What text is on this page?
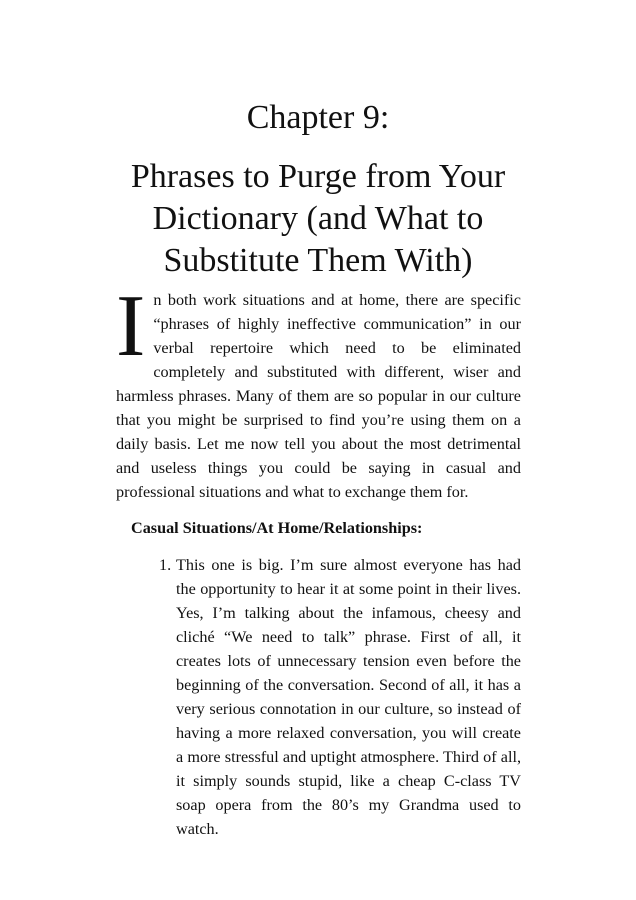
Chapter 9:
Phrases to Purge from Your
Dictionary (and What to
Substitute Them With)

In both work situations and at home, there are specific “phrases of highly ineffective communication” in our verbal repertoire which need to be eliminated completely and substituted with different, wiser and harmless phrases. Many of them are so popular in our culture that you might be surprised to find you’re using them on a daily basis. Let me now tell you about the most detrimental and useless things you could be saying in casual and professional situations and what to exchange them for.

Casual Situations/At Home/Relationships:
1. This one is big. I’m sure almost everyone has had the opportunity to hear it at some point in their lives. Yes, I’m talking about the infamous, cheesy and cliché “We need to talk” phrase. First of all, it creates lots of unnecessary tension even before the beginning of the conversation. Second of all, it has a very serious connotation in our culture, so instead of having a more relaxed conversation, you will create a more stressful and uptight atmosphere. Third of all, it simply sounds stupid, like a cheap C-class TV soap opera from the 80’s my Grandma used to watch.
